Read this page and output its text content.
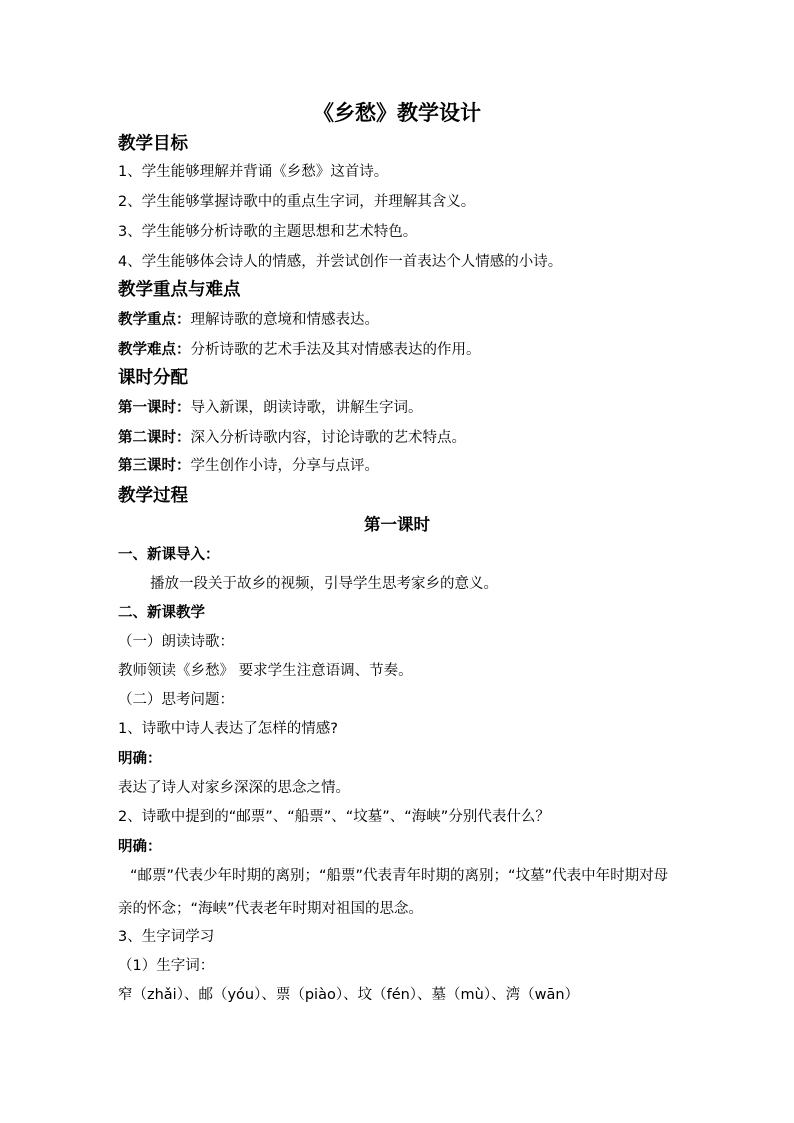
《乡愁》教学设计
教学目标
1、学生能够理解并背诵《乡愁》这首诗。
2、学生能够掌握诗歌中的重点生字词，并理解其含义。
3、学生能够分析诗歌的主题思想和艺术特色。
4、学生能够体会诗人的情感，并尝试创作一首表达个人情感的小诗。
教学重点与难点
教学重点：理解诗歌的意境和情感表达。
教学难点：分析诗歌的艺术手法及其对情感表达的作用。
课时分配
第一课时：导入新课，朗读诗歌，讲解生字词。
第二课时：深入分析诗歌内容，讨论诗歌的艺术特点。
第三课时：学生创作小诗，分享与点评。
教学过程
第一课时
一、新课导入：
播放一段关于故乡的视频，引导学生思考家乡的意义。
二、新课教学
（一）朗读诗歌：
教师领读《乡愁》 要求学生注意语调、节奏。
（二）思考问题：
1、诗歌中诗人表达了怎样的情感?
明确：
表达了诗人对家乡深深的思念之情。
2、诗歌中提到的“邮票”、“船票”、“坟墓”、“海峡”分别代表什么？
明确：
“邮票”代表少年时期的离别；“船票”代表青年时期的离别；“坟墓”代表中年时期对母亲的怀念；“海峡”代表老年时期对祖国的思念。
3、生字词学习
（1）生字词：
窄（zhǎi）、邮（yóu）、票（piào）、坟（fén）、墓（mù）、湾（wān）
